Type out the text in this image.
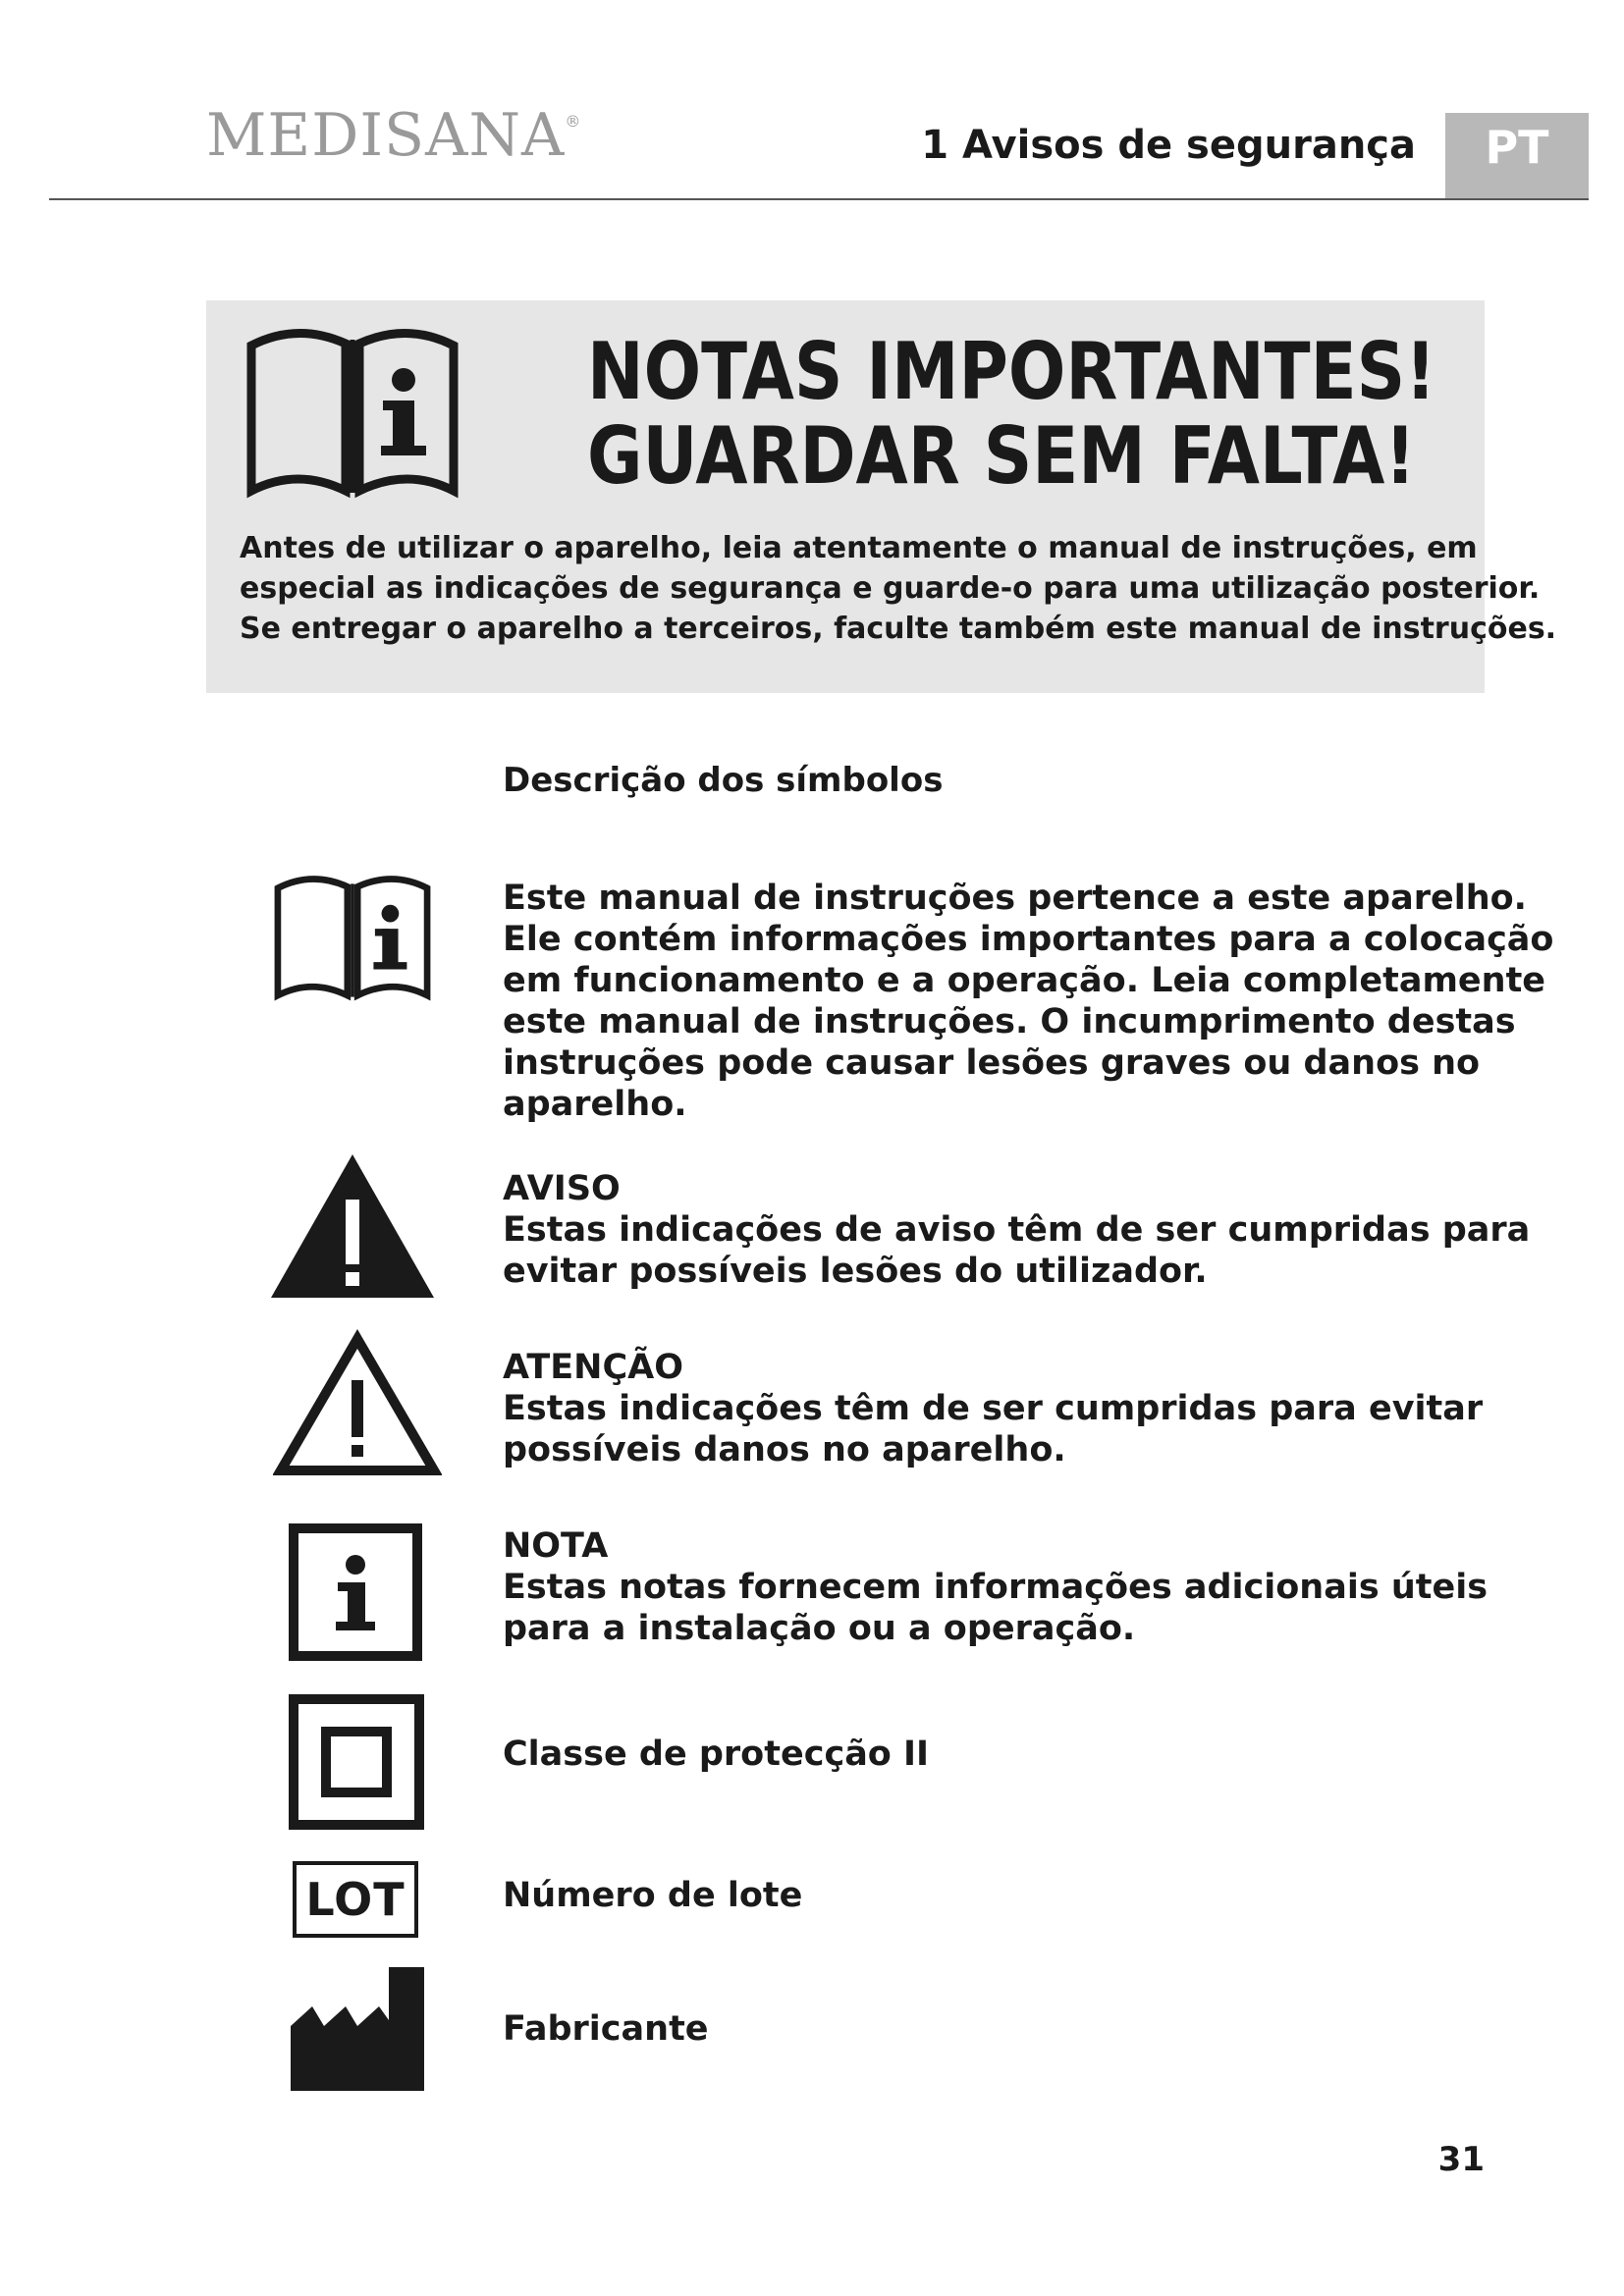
MEDISANA®
1 Avisos de segurança	PT
NOTAS IMPORTANTES!
GUARDAR SEM FALTA!
Antes de utilizar o aparelho, leia atentamente o manual de instruções, em
especial as indicações de segurança e guarde-o para uma utilização posterior.
Se entregar o aparelho a terceiros, faculte também este manual de instruções.
Descrição dos símbolos
Este manual de instruções pertence a este aparelho.
Ele contém informações importantes para a colocação
em funcionamento e a operação. Leia completamente
este manual de instruções. O incumprimento destas
instruções pode causar lesões graves ou danos no
aparelho.
AVISO
Estas indicações de aviso têm de ser cumpridas para
evitar possíveis lesões do utilizador.
ATENÇÃO
Estas indicações têm de ser cumpridas para evitar
possíveis danos no aparelho.
NOTA
Estas notas fornecem informações adicionais úteis
para a instalação ou a operação.
Classe de protecção II
LOT	Número de lote
Fabricante
31
